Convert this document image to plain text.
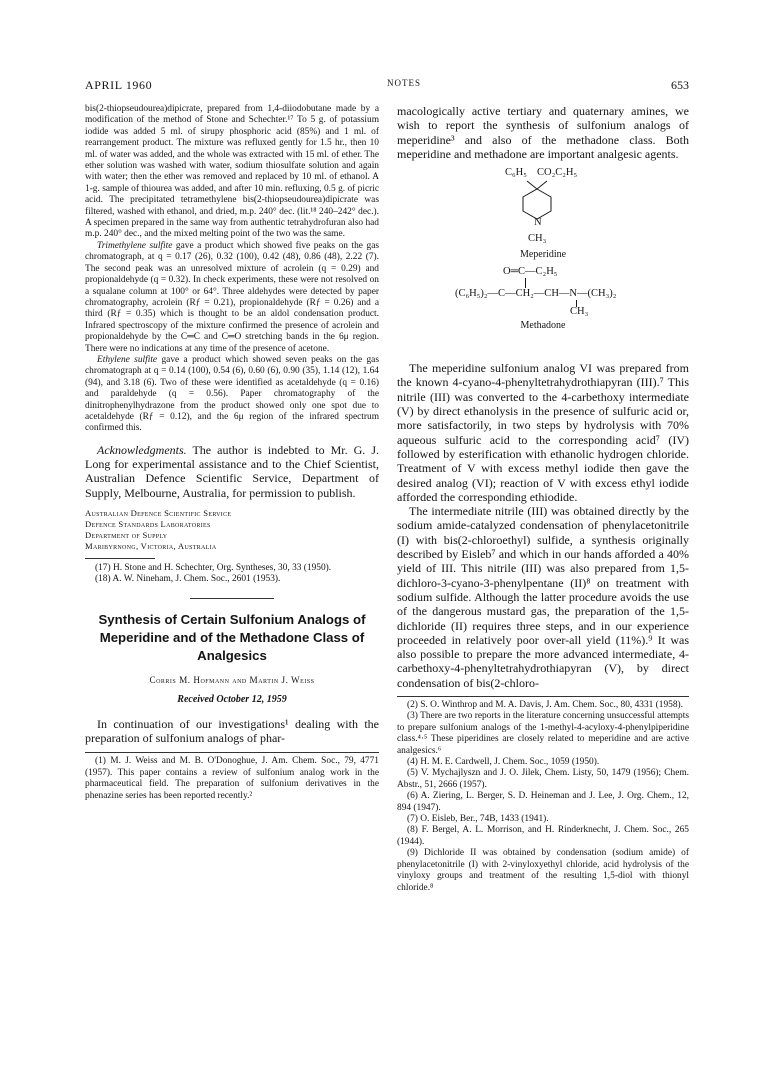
APRIL 1960	NOTES	653

bis(2-thiopseudourea)dipicrate, prepared from 1,4-diiodobutane made by a modification of the method of Stone and Schechter.¹⁷ To 5 g. of potassium iodide was added 5 ml. of sirupy phosphoric acid (85%) and 1 ml. of rearrangement product. The mixture was refluxed gently for 1.5 hr., then 10 ml. of water was added, and the whole was extracted with 15 ml. of ether. The ether solution was washed with water, sodium thiosulfate solution and again with water; then the ether was removed and replaced by 10 ml. of ethanol. A 1-g. sample of thiourea was added, and after 10 min. refluxing, 0.5 g. of picric acid. The precipitated tetramethylene bis(2-thiopseudourea)dipicrate was filtered, washed with ethanol, and dried, m.p. 240° dec. (lit.¹⁸ 240–242° dec.). A specimen prepared in the same way from authentic tetrahydrofuran also had m.p. 240° dec., and the mixed melting point of the two was the same.

Trimethylene sulfite gave a product which showed five peaks on the gas chromatograph, at q = 0.17 (26), 0.32 (100), 0.42 (48), 0.86 (48), 2.22 (7). The second peak was an unresolved mixture of acrolein (q = 0.29) and propionaldehyde (q = 0.32). In check experiments, these were not resolved on a squalane column at 100° or 64°. Three aldehydes were detected by paper chromatography, acrolein (Rƒ = 0.21), propionaldehyde (Rƒ = 0.26) and a third (Rƒ = 0.35) which is thought to be an aldol condensation product. Infrared spectroscopy of the mixture confirmed the presence of acrolein and propionaldehyde by the C═C and C═O stretching bands in the 6μ region. There were no indications at any time of the presence of acetone.

Ethylene sulfite gave a product which showed seven peaks on the gas chromatograph at q = 0.14 (100), 0.54 (6), 0.60 (6), 0.90 (35), 1.14 (12), 1.64 (94), and 3.18 (6). Two of these were identified as acetaldehyde (q = 0.16) and paraldehyde (q = 0.56). Paper chromatography of the dinitrophenylhydrazone from the product showed only one spot due to acetaldehyde (Rƒ = 0.12), and the 6μ region of the infrared spectrum confirmed this.

Acknowledgments. The author is indebted to Mr. G. J. Long for experimental assistance and to the Chief Scientist, Australian Defence Scientific Service, Department of Supply, Melbourne, Australia, for permission to publish.

Australian Defence Scientific Service
Defence Standards Laboratories
Department of Supply
Maribyrnong, Victoria, Australia

(17) H. Stone and H. Schechter, Org. Syntheses, 30, 33 (1950).

(18) A. W. Nineham, J. Chem. Soc., 2601 (1953).

Synthesis of Certain Sulfonium Analogs of Meperidine and of the Methadone Class of Analgesics

Corris M. Hofmann and Martin J. Weiss

Received October 12, 1959

In continuation of our investigations¹ dealing with the preparation of sulfonium analogs of phar-

(1) M. J. Weiss and M. B. O'Donoghue, J. Am. Chem. Soc., 79, 4771 (1957). This paper contains a review of sulfonium analog work in the pharmaceutical field. The preparation of sulfonium derivatives in the phenazine series has been reported recently.²

macologically active tertiary and quaternary amines, we wish to report the synthesis of sulfonium analogs of meperidine³ and also of the methadone class. Both meperidine and methadone are important analgesic agents.

C₆H₅ CO₂C₂H₅
N
CH₃

Meperidine

O═C—C₂H₅
(C₆H₅)₂—C—CH₂—CH—N—(CH₃)₂
CH₃

Methadone

The meperidine sulfonium analog VI was prepared from the known 4-cyano-4-phenyltetrahydrothiapyran (III).⁷ This nitrile (III) was converted to the 4-carbethoxy intermediate (V) by direct ethanolysis in the presence of sulfuric acid or, more satisfactorily, in two steps by hydrolysis with 70% aqueous sulfuric acid to the corresponding acid⁷ (IV) followed by esterification with ethanolic hydrogen chloride. Treatment of V with excess methyl iodide then gave the desired analog (VI); reaction of V with excess ethyl iodide afforded the corresponding ethiodide.

The intermediate nitrile (III) was obtained directly by the sodium amide-catalyzed condensation of phenylacetonitrile (I) with bis(2-chloroethyl) sulfide, a synthesis originally described by Eisleb⁷ and which in our hands afforded a 40% yield of III. This nitrile (III) was also prepared from 1,5-dichloro-3-cyano-3-phenylpentane (II)⁸ on treatment with sodium sulfide. Although the latter procedure avoids the use of the dangerous mustard gas, the preparation of the 1,5-dichloride (II) requires three steps, and in our experience proceeded in relatively poor over-all yield (11%).⁹ It was also possible to prepare the more advanced intermediate, 4-carbethoxy-4-phenyltetrahydrothiapyran (V), by direct condensation of bis(2-chloro-

(2) S. O. Winthrop and M. A. Davis, J. Am. Chem. Soc., 80, 4331 (1958).

(3) There are two reports in the literature concerning unsuccessful attempts to prepare sulfonium analogs of the 1-methyl-4-acyloxy-4-phenylpiperidine class.⁴·⁵ These piperidines are closely related to meperidine and are active analgesics.⁶

(4) H. M. E. Cardwell, J. Chem. Soc., 1059 (1950).

(5) V. Mychajlyszn and J. O. Jilek, Chem. Listy, 50, 1479 (1956); Chem. Abstr., 51, 2666 (1957).

(6) A. Ziering, L. Berger, S. D. Heineman and J. Lee, J. Org. Chem., 12, 894 (1947).

(7) O. Eisleb, Ber., 74B, 1433 (1941).

(8) F. Bergel, A. L. Morrison, and H. Rinderknecht, J. Chem. Soc., 265 (1944).

(9) Dichloride II was obtained by condensation (sodium amide) of phenylacetonitrile (I) with 2-vinyloxyethyl chloride, acid hydrolysis of the vinyloxy groups and treatment of the resulting 1,5-diol with thionyl chloride.⁸
